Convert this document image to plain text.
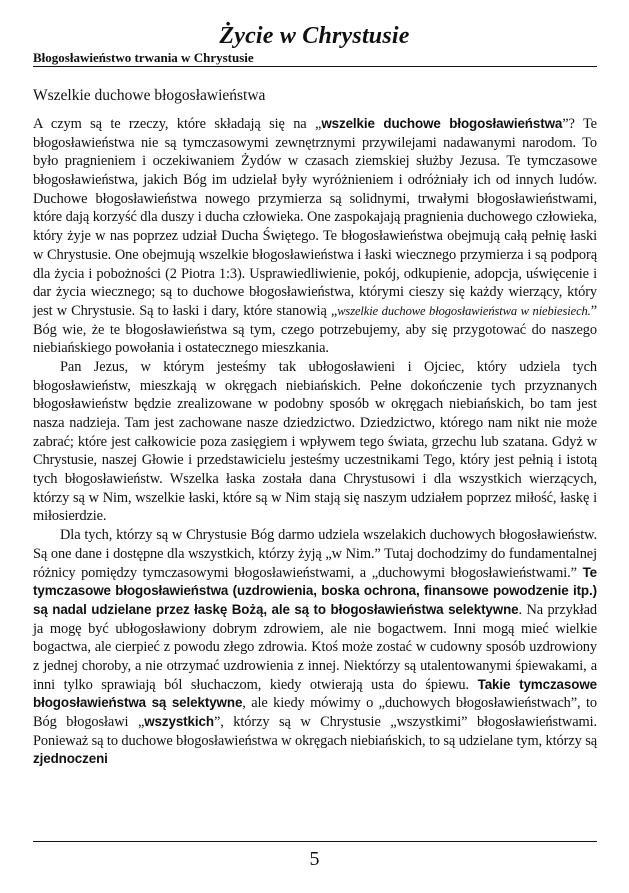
Życie w Chrystusie
Błogosławieństwo trwania w Chrystusie
Wszelkie duchowe błogosławieństwa

A czym są te rzeczy, które składają się na „wszelkie duchowe błogosławieństwa”? Te błogosławieństwa nie są tymczasowymi zewnętrznymi przywilejami nadawanymi narodom. To było pragnieniem i oczekiwaniem Żydów w czasach ziemskiej służby Jezusa. Te tymczasowe błogosławieństwa, jakich Bóg im udzielał były wyróżnieniem i odróżniały ich od innych ludów. Duchowe błogosławieństwa nowego przymierza są solidnymi, trwałymi błogosławieństwami, które dają korzyść dla duszy i ducha człowieka. One zaspokajają pragnienia duchowego człowieka, który żyje w nas poprzez udział Ducha Świętego. Te błogosławieństwa obejmują całą pełnię łaski w Chrystusie. One obejmują wszelkie błogosławieństwa i łaski wiecznego przymierza i są podporą dla życia i pobożności (2 Piotra 1:3). Usprawiedliwienie, pokój, odkupienie, adopcja, uświęcenie i dar życia wiecznego; są to duchowe błogosławieństwa, którymi cieszy się każdy wierzący, który jest w Chrystusie. Są to łaski i dary, które stanowią „wszelkie duchowe błogosławieństwa w niebiesiech.” Bóg wie, że te błogosławieństwa są tym, czego potrzebujemy, aby się przygotować do naszego niebiańskiego powołania i ostatecznego mieszkania.

Pan Jezus, w którym jesteśmy tak ubłogosławieni i Ojciec, który udziela tych błogosławieństw, mieszkają w okręgach niebiańskich. Pełne dokończenie tych przyznanych błogosławieństw będzie zrealizowane w podobny sposób w okręgach niebiańskich, bo tam jest nasza nadzieja. Tam jest zachowane nasze dziedzictwo. Dziedzictwo, którego nam nikt nie może zabrać; które jest całkowicie poza zasięgiem i wpływem tego świata, grzechu lub szatana. Gdyż w Chrystusie, naszej Głowie i przedstawicielu jesteśmy uczestnikami Tego, który jest pełnią i istotą tych błogosławieństw. Wszelka łaska została dana Chrystusowi i dla wszystkich wierzących, którzy są w Nim, wszelkie łaski, które są w Nim stają się naszym udziałem poprzez miłość, łaskę i miłosierdzie.

Dla tych, którzy są w Chrystusie Bóg darmo udziela wszelakich duchowych błogosławieństw. Są one dane i dostępne dla wszystkich, którzy żyją „w Nim.” Tutaj dochodzimy do fundamentalnej różnicy pomiędzy tymczasowymi błogosławieństwami, a „duchowymi błogosławieństwami.” Te tymczasowe błogosławieństwa (uzdrowienia, boska ochrona, finansowe powodzenie itp.) są nadal udzielane przez łaskę Bożą, ale są to błogosławieństwa selektywne. Na przykład ja mogę być ubłogosławiony dobrym zdrowiem, ale nie bogactwem. Inni mogą mieć wielkie bogactwa, ale cierpieć z powodu złego zdrowia. Ktoś może zostać w cudowny sposób uzdrowiony z jednej choroby, a nie otrzymać uzdrowienia z innej. Niektórzy są utalentowanymi śpiewakami, a inni tylko sprawiają ból słuchaczom, kiedy otwierają usta do śpiewu. Takie tymczasowe błogosławieństwa są selektywne, ale kiedy mówimy o „duchowych błogosławieństwach”, to Bóg błogosławi „wszystkich”, którzy są w Chrystusie „wszystkimi” błogosławieństwami. Ponieważ są to duchowe błogosławieństwa w okręgach niebiańskich, to są udzielane tym, którzy są zjednoczeni

5
